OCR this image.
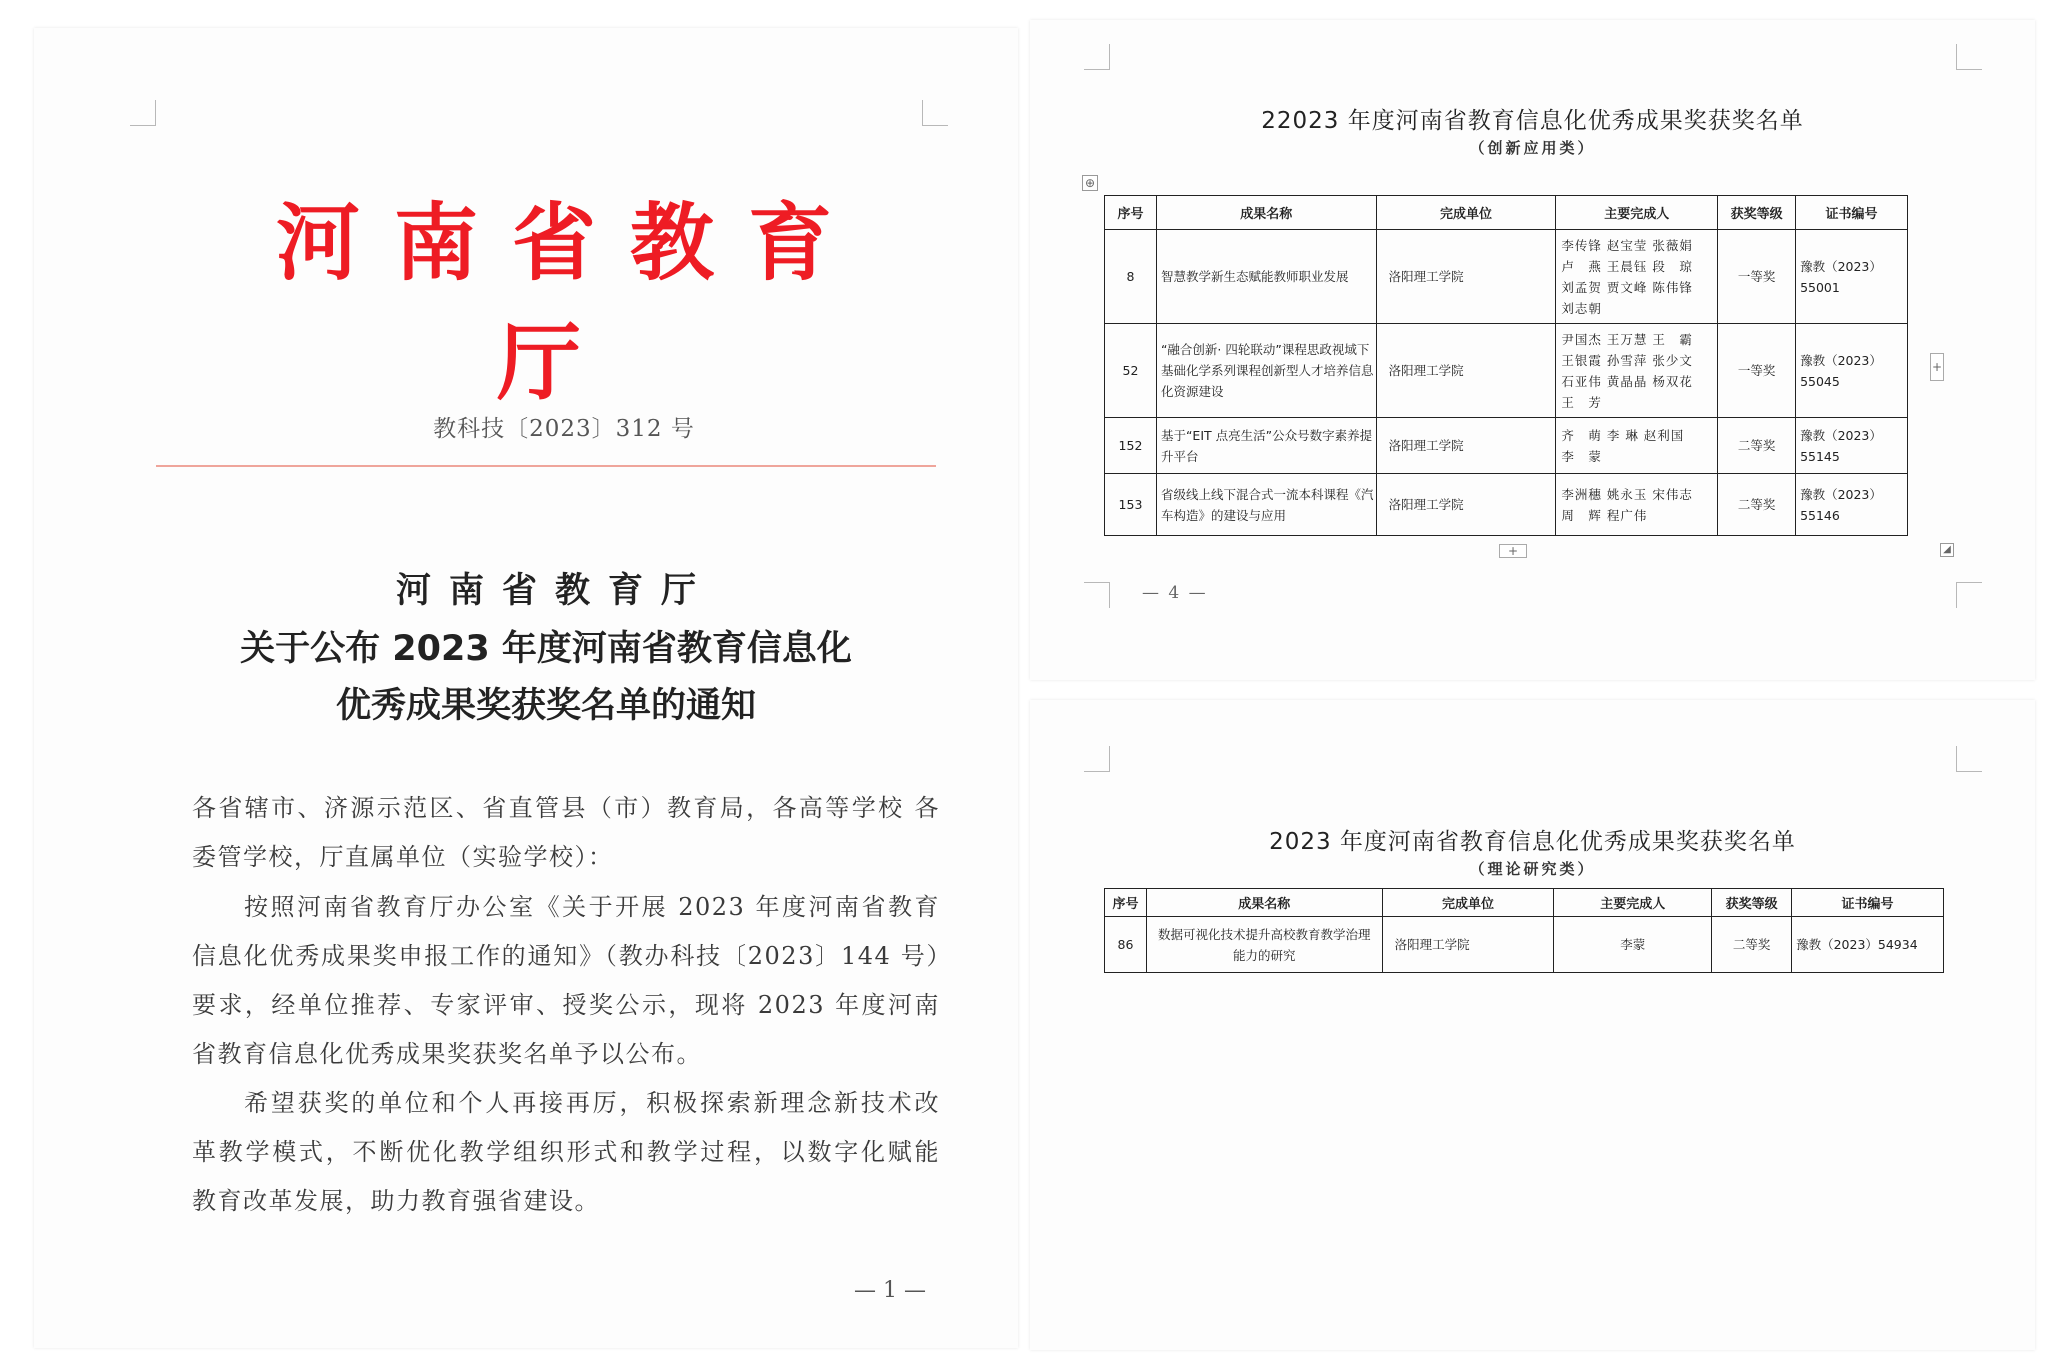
河南省教育厅
教科技〔2023〕312 号
河南省教育厅
关于公布 2023 年度河南省教育信息化
优秀成果奖获奖名单的通知
各省辖市、济源示范区、省直管县（市）教育局，各高等学校 各委管学校，厅直属单位（实验学校）：
按照河南省教育厅办公室《关于开展 2023 年度河南省教育信息化优秀成果奖申报工作的通知》（教办科技〔2023〕144 号）要求，经单位推荐、专家评审、授奖公示，现将 2023 年度河南省教育信息化优秀成果奖获奖名单予以公布。
希望获奖的单位和个人再接再厉，积极探索新理念新技术改 革教学模式，不断优化教学组织形式和教学过程，以数字化赋能 教育改革发展，助力教育强省建设。
— 1 —
22023 年度河南省教育信息化优秀成果奖获奖名单
（创新应用类）
⊕
序号	成果名称	完成单位	主要完成人	获奖等级	证书编号
8	智慧教学新生态赋能教师职业发展	洛阳理工学院	李传锋 赵宝莹 张薇娟
卢　燕 王晨钰 段　琼
刘孟贺 贾文峰 陈伟锋
刘志朝	一等奖	豫教（2023）55001
52	“融合创新· 四轮联动”课程思政视域下基础化学系列课程创新型人才培养信息化资源建设	洛阳理工学院	尹国杰 王万慧 王　霸
王银霞 孙雪萍 张少文
石亚伟 黄晶晶 杨双花
王　芳	一等奖	豫教（2023）55045
152	基于“EIT 点亮生活”公众号数字素养提升平台	洛阳理工学院	齐　萌 李 琳 赵利国
李　蒙	二等奖	豫教（2023）55145
153	省级线上线下混合式一流本科课程《汽车构造》的建设与应用	洛阳理工学院	李洲穗 姚永玉 宋伟志
周　辉 程广伟	二等奖	豫教（2023）55146
+
+	◢
— 4 —
2023 年度河南省教育信息化优秀成果奖获奖名单
（理论研究类）
序号	成果名称	完成单位	主要完成人	获奖等级	证书编号
86	数据可视化技术提升高校教育教学治理能力的研究	洛阳理工学院	李蒙	二等奖	豫教（2023）54934
